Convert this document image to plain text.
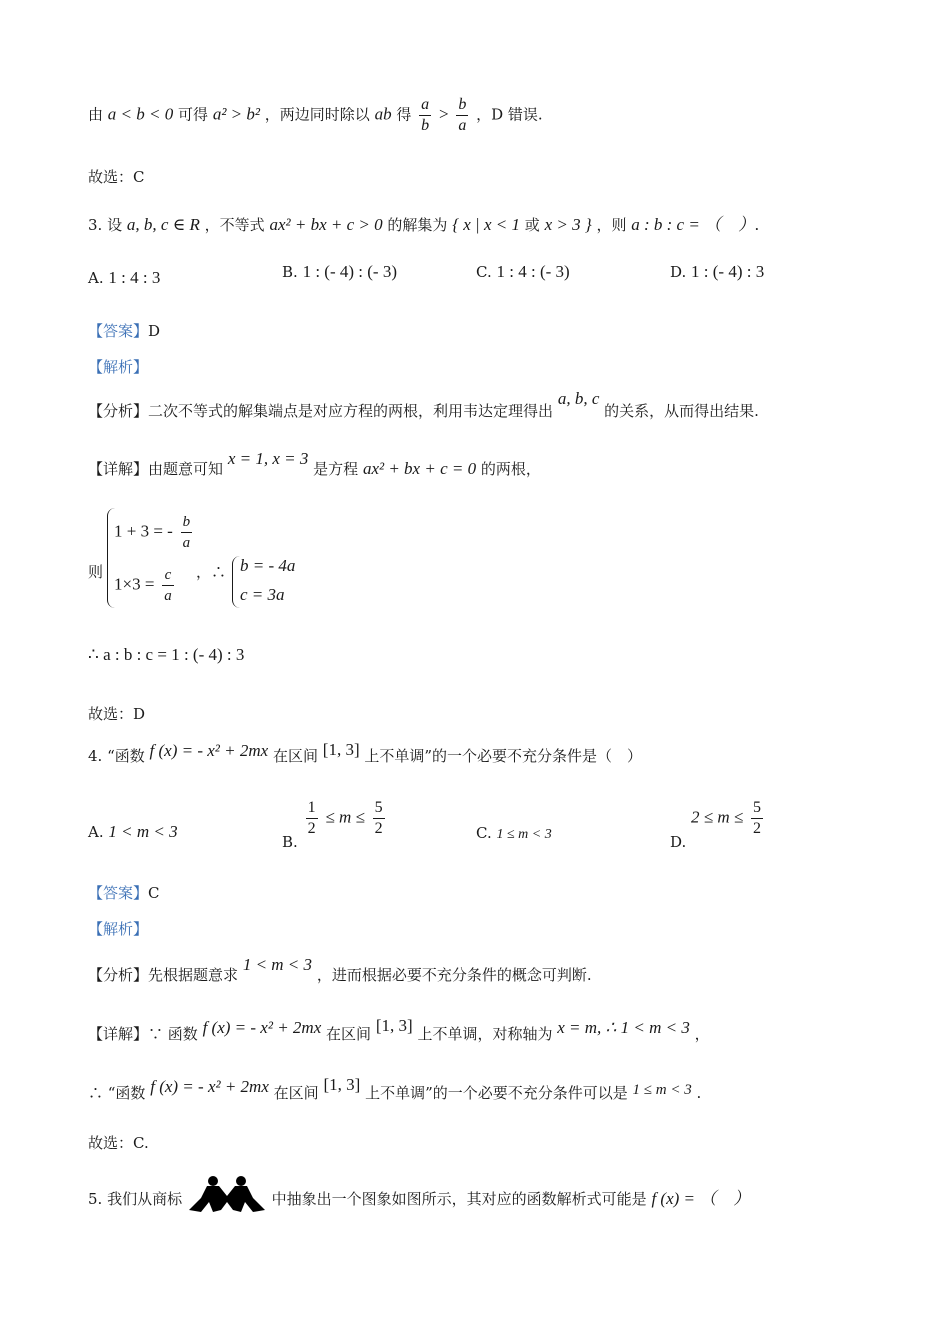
由 a < b < 0 可得 a² > b² ，两边同时除以 ab 得 $\frac{a}{b} > \frac{b}{a}$ ，D 错误.
故选：C
3. 设 a, b, c ∈ R ，不等式 ax² + bx + c > 0 的解集为 { x | x < 1 或 x > 3 } ，则 a : b : c = （　）.
A. 1 : 4 : 3	B. 1 : (- 4) : (- 3)	C. 1 : 4 : (- 3)	D. 1 : (- 4) : 3
【答案】D
【解析】
【分析】二次不等式的解集端点是对应方程的两根，利用韦达定理得出 a, b, c 的关系，从而得出结果.
【详解】由题意可知 x = 1, x = 3 是方程 ax² + bx + c = 0 的两根，
则
1 + 3 = - $\frac{b}{a}$
$1\times 3 = \frac{c}{a}$ ，∴ b = - 4a
c = 3a
∴ a : b : c = 1 : (- 4) : 3
故选：D
4. “函数 f (x) = - x² + 2mx 在区间 [1, 3] 上不单调”的一个必要不充分条件是（　）
A. 1 < m < 3
B.
$\frac{1}{2} \le m \le \frac{5}{2}$	C. 1 ≤ m < 3	D. $2 \le m \le \frac{5}{2}$
【答案】C
【解析】
【分析】先根据题意求 1 < m < 3 ，进而根据必要不充分条件的概念可判断.
【详解】∵ 函数 f (x) = - x² + 2mx 在区间 [1, 3] 上不单调，对称轴为 x = m, ∴ 1 < m < 3 ，
∴ “函数 f (x) = - x² + 2mx 在区间 [1, 3] 上不单调”的一个必要不充分条件可以是 1 ≤ m < 3 .
故选：C.
5. 我们从商标	中抽象出一个图象如图所示，其对应的函数解析式可能是 f (x) = （　）
